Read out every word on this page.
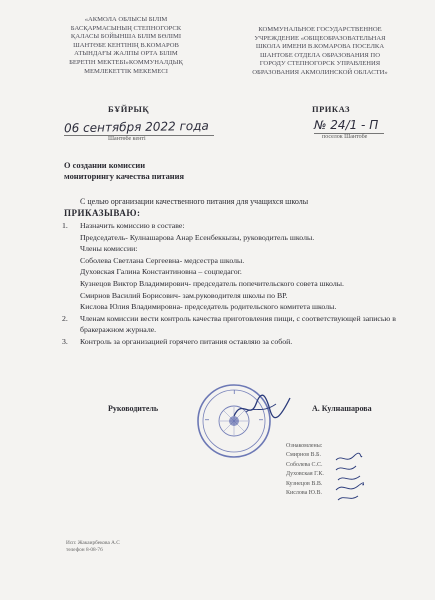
«АКМОЛА ОБЛЫСЫ БІЛІМ
БАСҚАРМАСЫНЫҢ СТЕПНОГОРСК
ҚАЛАСЫ БОЙЫНША БІЛІМ БӨЛІМІ
ШАНТӨБЕ КЕНТІНІҢ В.КОМАРОВ
АТЫНДАҒЫ ЖАЛПЫ ОРТА БІЛІМ
БЕРЕТІН МЕКТЕБІ»КОММУНАЛДЫҚ
МЕМЛЕКЕТТІК МЕКЕМЕСІ
КОММУНАЛЬНОЕ ГОСУДАРСТВЕННОЕ
УЧРЕЖДЕНИЕ «ОБЩЕОБРАЗОВАТЕЛЬНАЯ
ШКОЛА ИМЕНИ В.КОМАРОВА ПОСЕЛКА
ШАНТОБЕ ОТДЕЛА ОБРАЗОВАНИЯ ПО
ГОРОДУ СТЕПНОГОРСК УПРАВЛЕНИЯ
ОБРАЗОВАНИЯ АКМОЛИНСКОЙ ОБЛАСТИ»
БҰЙРЫҚ	ПРИКАЗ
06 сентября 2022 года
Шантөбе кенті
№ 24/1 - П
поселок Шантобе
О создании комиссии
мониторингу качества питания
С целью организации качественного питания для учащихся школы
ПРИКАЗЫВАЮ:
1. Назначить комиссию в составе:
Председатель- Кулнашарова Анар Есенбеккызы, руководитель школы.
Члены комиссии:
Соболева Светлана Сергеевна- медсестра школы.
Духовская Галина Константиновна – соцпедагог.
Кузнецов Виктор Владимирович- председатель попечительского совета школы.
Смирнов Василий Борисович- зам.руководителя школы по ВР.
Кислова Юлия Владимировна- председатель родительского комитета школы.
2. Членам комиссии вести контроль качества приготовления пищи, с соответствующей записью в бракеражном журнале.
3. Контроль за организацией горячего питания оставляю за собой.
Руководитель	А. Кулнашарова
Ознакомлены:
Смирнов В.Б.
Соболева С.С.
Духовская Г.К.
Кузнецов В.В.
Кислова Ю.В.
Исп: Жакаирбекова А.С
телефон 8-08-76
